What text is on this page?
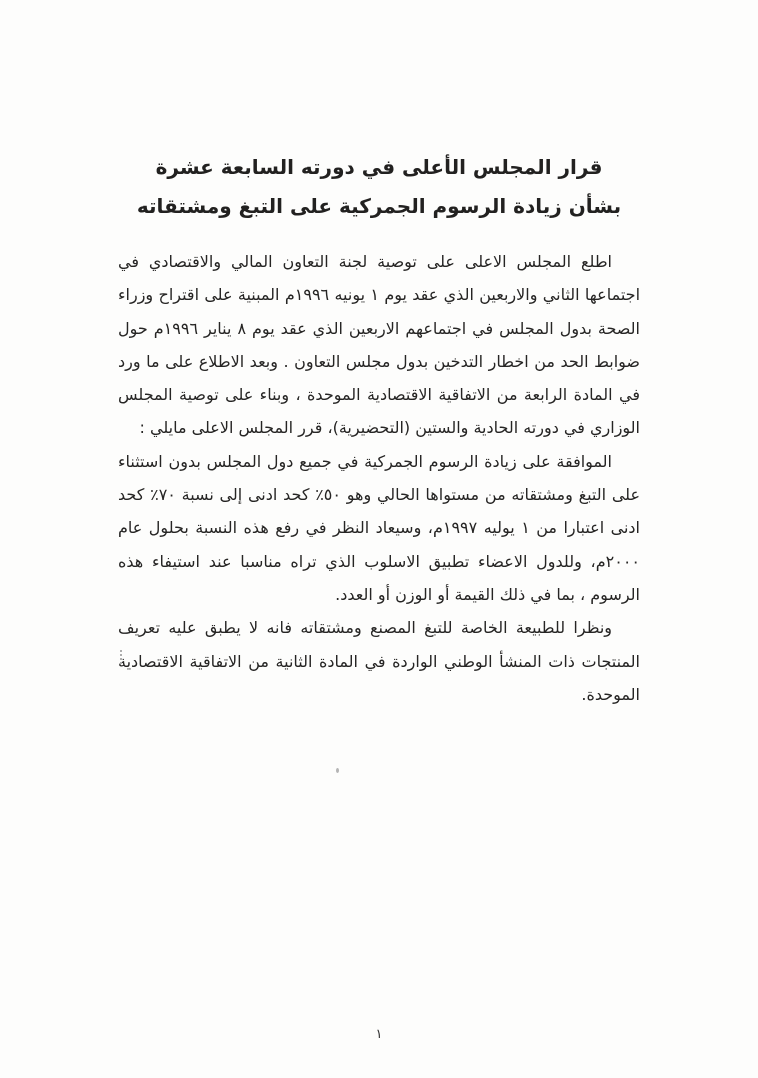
قرار المجلس الأعلى في دورته السابعة عشرة
بشأن زيادة الرسوم الجمركية على التبغ ومشتقاته

اطلع المجلس الاعلى على توصية لجنة التعاون المالي والاقتصادي في اجتماعها الثاني والاربعين الذي عقد يوم ١ يونيه ١٩٩٦م المبنية على اقتراح وزراء الصحة بدول المجلس في اجتماعهم الاربعين الذي عقد يوم ٨ يناير ١٩٩٦م حول ضوابط الحد من اخطار التدخين بدول مجلس التعاون . وبعد الاطلاع على ما ورد في المادة الرابعة من الاتفاقية الاقتصادية الموحدة ، وبناء على توصية المجلس الوزاري في دورته الحادية والستين (التحضيرية)، قرر المجلس الاعلى مايلي :

الموافقة على زيادة الرسوم الجمركية في جميع دول المجلس بدون استثناء على التبغ ومشتقاته من مستواها الحالي وهو ٥٠٪ كحد ادنى إلى نسبة ٧٠٪ كحد ادنى اعتبارا من ١ يوليه ١٩٩٧م، وسيعاد النظر في رفع هذه النسبة بحلول عام ٢٠٠٠م، وللدول الاعضاء تطبيق الاسلوب الذي تراه مناسبا عند استيفاء هذه الرسوم ، بما في ذلك القيمة أو الوزن أو العدد.

ونظرا للطبيعة الخاصة للتبغ المصنع ومشتقاته فانه لا يطبق عليه تعريف المنتجات ذات المنشأ الوطني الواردة في المادة الثانية من الاتفاقية الاقتصادية الموحدة.

١
